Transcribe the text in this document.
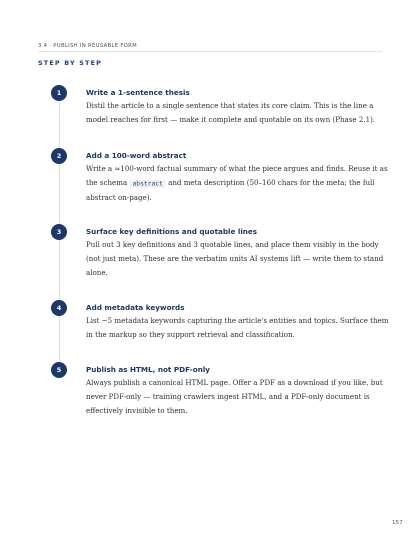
3.4 · PUBLISH IN REUSABLE FORM
STEP BY STEP
1	Write a 1-sentence thesis
Distil the article to a single sentence that states its core claim. This is the line a
model reaches for first — make it complete and quotable on its own (Phase 2.1).
2	Add a 100-word abstract
Write a ≈100-word factual summary of what the piece argues and finds. Reuse it as
the schema abstract and meta description (50–160 chars for the meta; the full
abstract on-page).
3	Surface key definitions and quotable lines
Pull out 3 key definitions and 3 quotable lines, and place them visibly in the body
(not just meta). These are the verbatim units AI systems lift — write them to stand
alone.
4	Add metadata keywords
List ~5 metadata keywords capturing the article's entities and topics. Surface them
in the markup so they support retrieval and classification.
5	Publish as HTML, not PDF-only
Always publish a canonical HTML page. Offer a PDF as a download if you like, but
never PDF-only — training crawlers ingest HTML, and a PDF-only document is
effectively invisible to them.
157
